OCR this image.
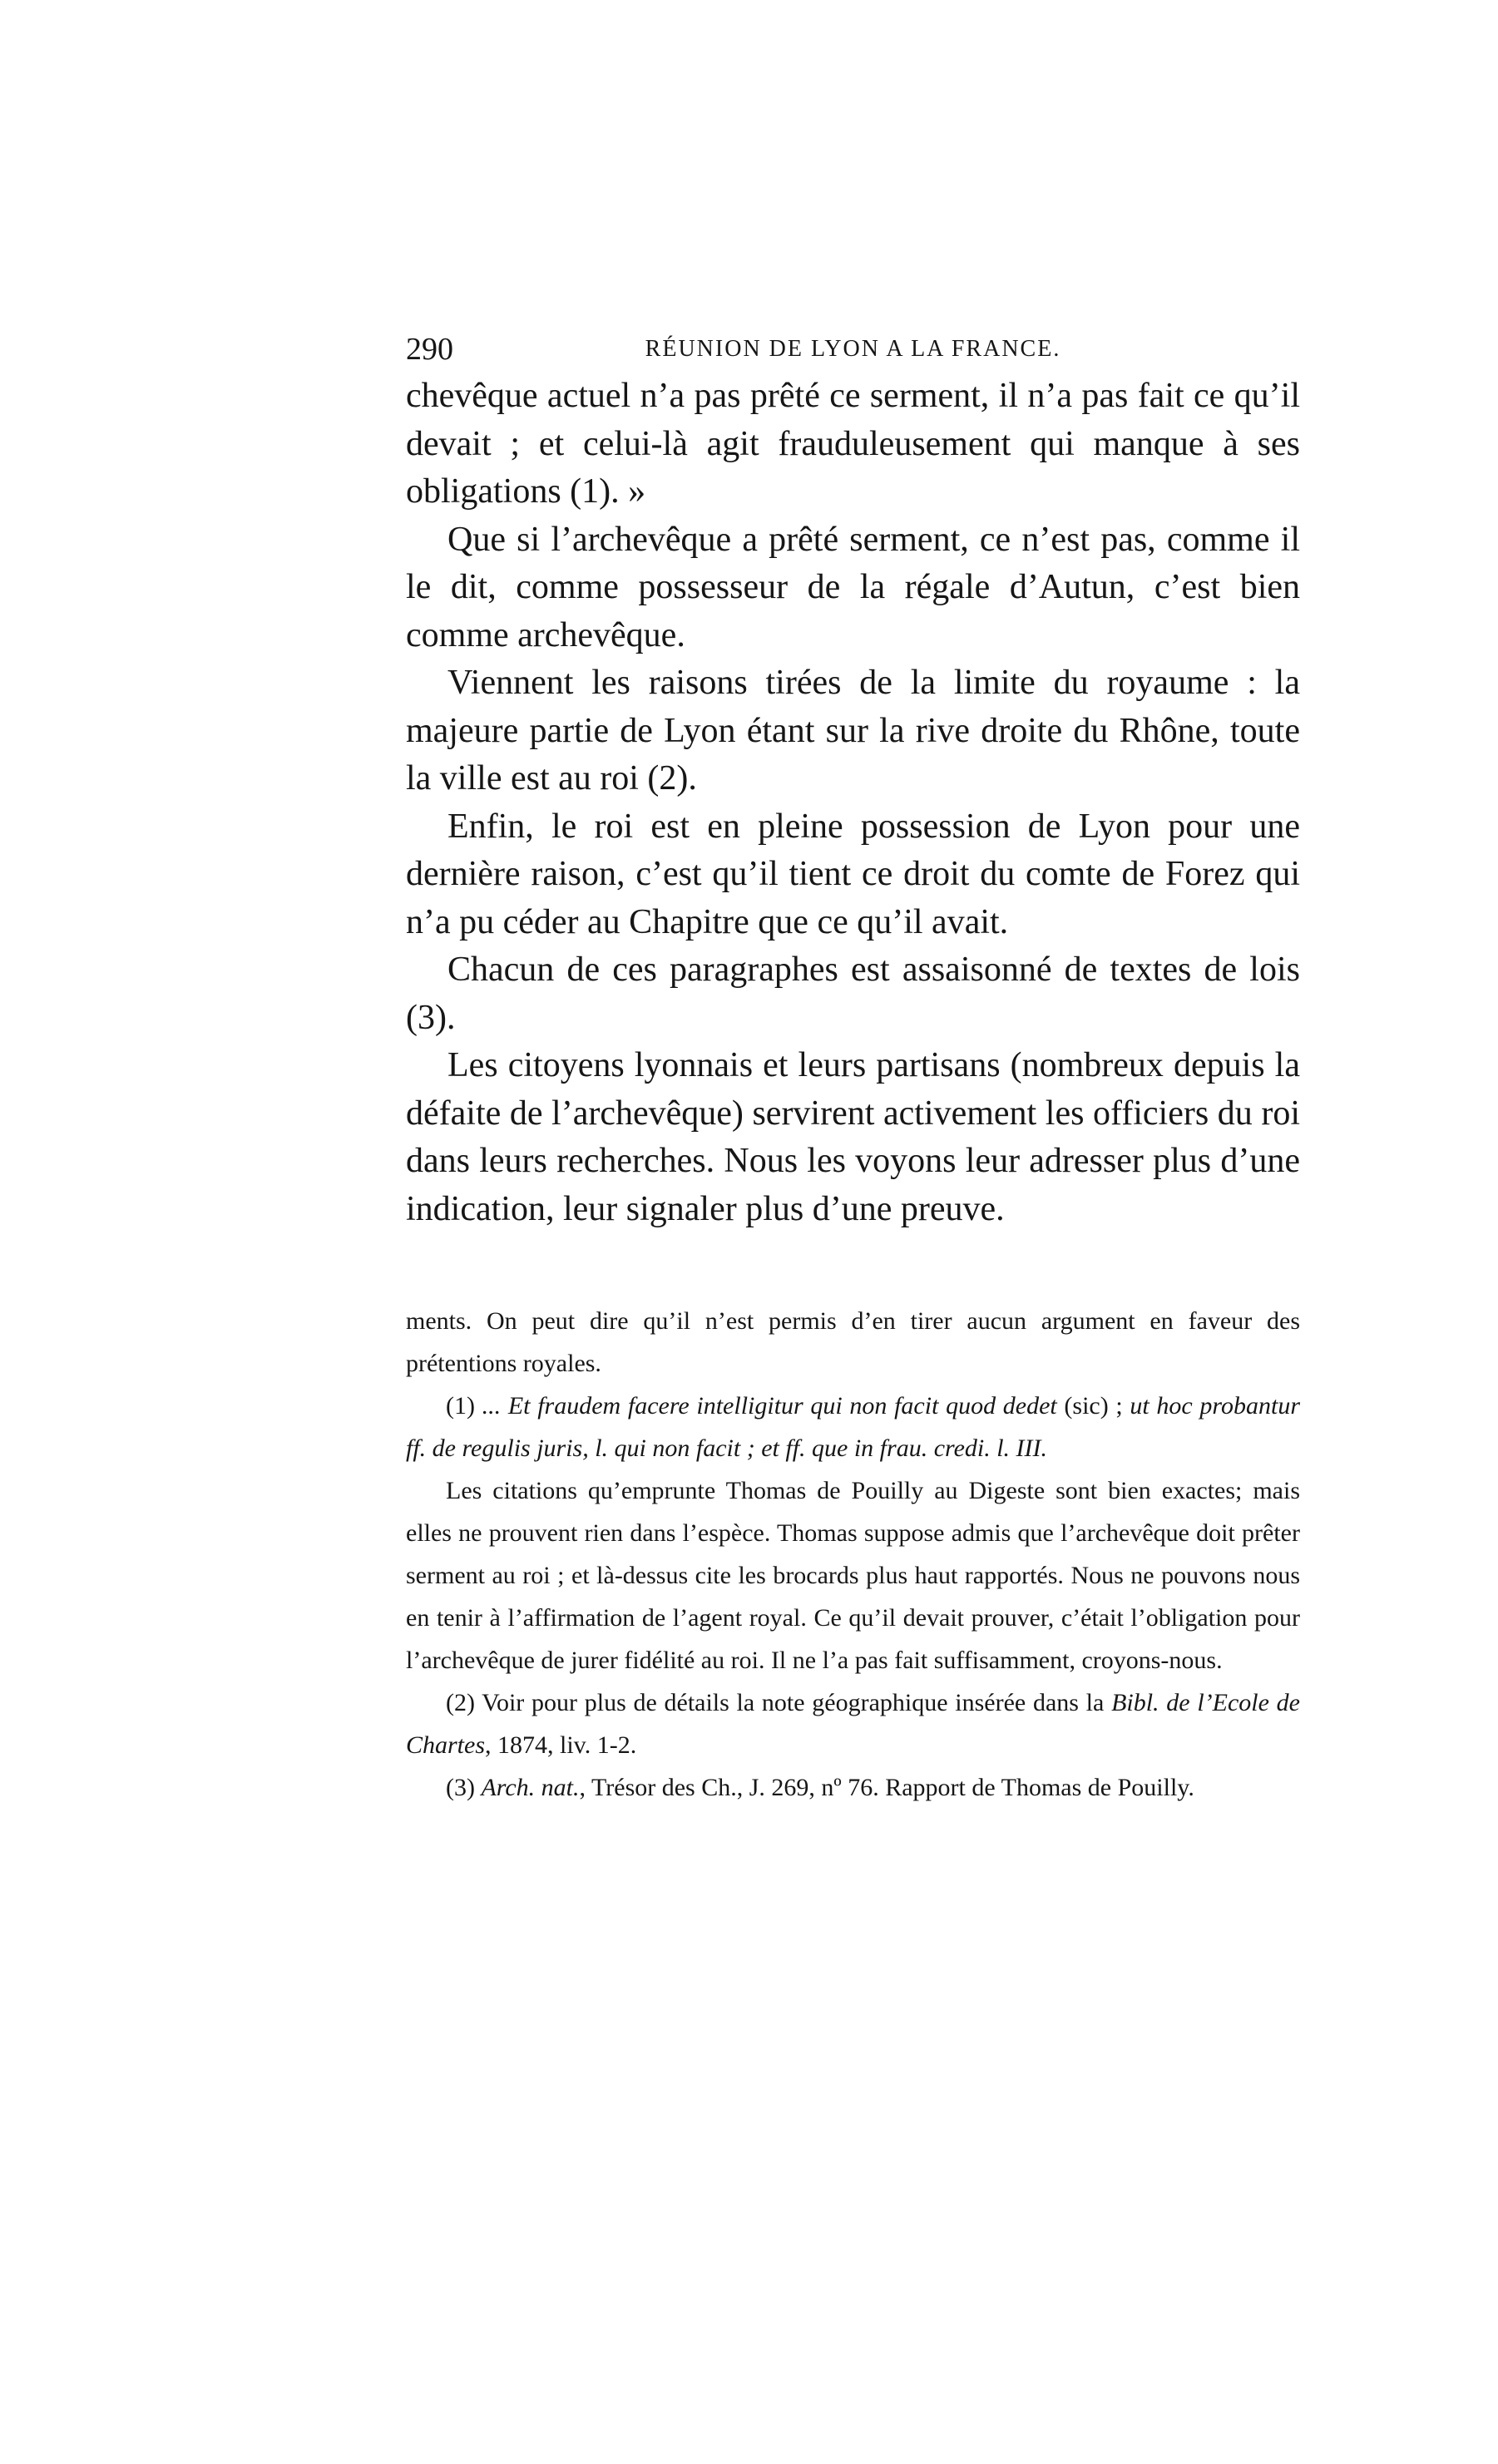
290	RÉUNION DE LYON A LA FRANCE.

chevêque actuel n’a pas prêté ce serment, il n’a pas fait ce qu’il devait ; et celui-là agit frauduleusement qui manque à ses obligations (1). »

Que si l’archevêque a prêté serment, ce n’est pas, comme il le dit, comme possesseur de la régale d’Autun, c’est bien comme archevêque.

Viennent les raisons tirées de la limite du royaume : la majeure partie de Lyon étant sur la rive droite du Rhône, toute la ville est au roi (2).

Enfin, le roi est en pleine possession de Lyon pour une dernière raison, c’est qu’il tient ce droit du comte de Forez qui n’a pu céder au Chapitre que ce qu’il avait.

Chacun de ces paragraphes est assaisonné de textes de lois (3).

Les citoyens lyonnais et leurs partisans (nombreux depuis la défaite de l’archevêque) servirent activement les officiers du roi dans leurs recherches. Nous les voyons leur adresser plus d’une indication, leur signaler plus d’une preuve.

ments. On peut dire qu’il n’est permis d’en tirer aucun argument en faveur des prétentions royales.

(1) ... Et fraudem facere intelligitur qui non facit quod dedet (sic) ; ut hoc probantur ff. de regulis juris, l. qui non facit ; et ff. que in frau. credi. l. III.

Les citations qu’emprunte Thomas de Pouilly au Digeste sont bien exactes; mais elles ne prouvent rien dans l’espèce. Thomas suppose admis que l’archevêque doit prêter serment au roi ; et là-dessus cite les brocards plus haut rapportés. Nous ne pouvons nous en tenir à l’affirmation de l’agent royal. Ce qu’il devait prouver, c’était l’obligation pour l’archevêque de jurer fidélité au roi. Il ne l’a pas fait suffisamment, croyons-nous.

(2) Voir pour plus de détails la note géographique insérée dans la Bibl. de l’Ecole de Chartes, 1874, liv. 1-2.

(3) Arch. nat., Trésor des Ch., J. 269, nº 76. Rapport de Thomas de Pouilly.
